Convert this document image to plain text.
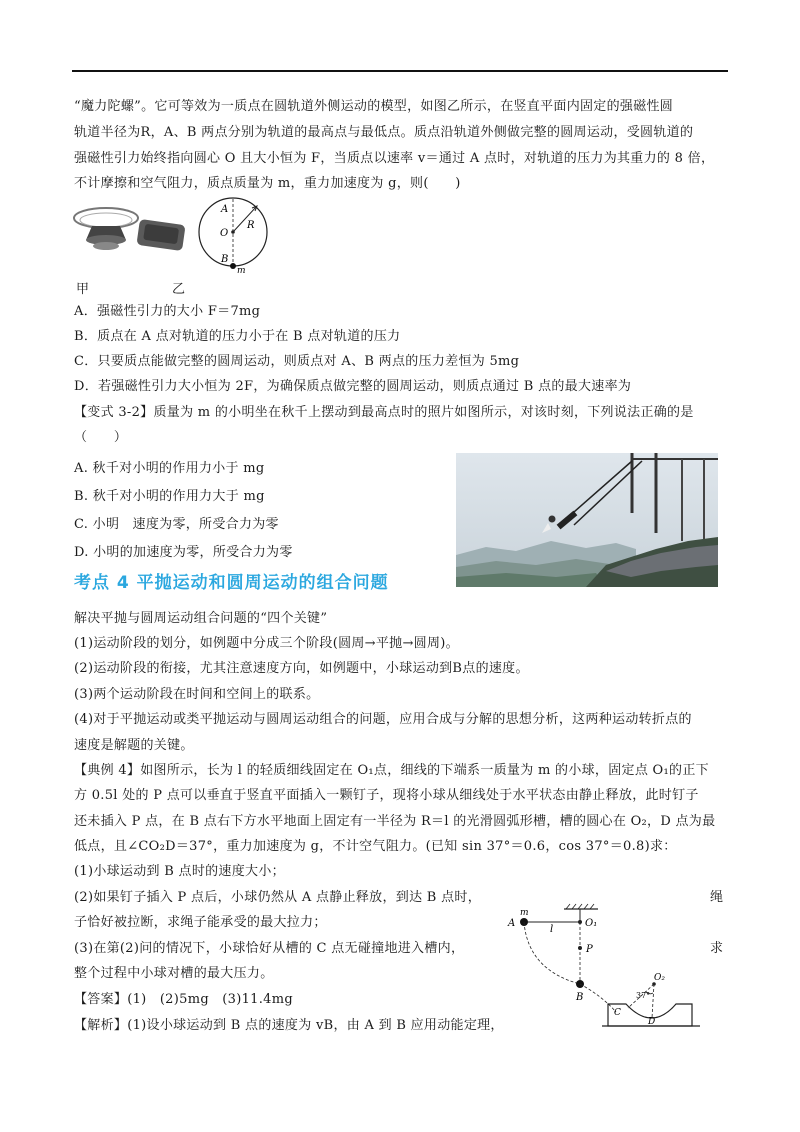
“魔力陀螺”。它可等效为一质点在圆轨道外侧运动的模型，如图乙所示，在竖直平面内固定的强磁性圆
轨道半径为R，A、B 两点分别为轨道的最高点与最低点。质点沿轨道外侧做完整的圆周运动，受圆轨道的
强磁性引力始终指向圆心 O 且大小恒为 F，当质点以速率 v＝通过 A 点时，对轨道的压力为其重力的 8 倍，
不计摩擦和空气阻力，质点质量为 m，重力加速度为 g，则(　　)
A
O
R
B
m
甲	乙
A．强磁性引力的大小 F＝7mg
B．质点在 A 点对轨道的压力小于在 B 点对轨道的压力
C．只要质点能做完整的圆周运动，则质点对 A、B 两点的压力差恒为 5mg
D．若强磁性引力大小恒为 2F，为确保质点做完整的圆周运动，则质点通过 B 点的最大速率为
【变式 3-2】质量为 m 的小明坐在秋千上摆动到最高点时的照片如图所示，对该时刻，下列说法正确的是
（　　）
A. 秋千对小明的作用力小于 mg
B. 秋千对小明的作用力大于 mg
C. 小明　速度为零，所受合力为零
D. 小明的加速度为零，所受合力为零
考点 4 平抛运动和圆周运动的组合问题
解决平抛与圆周运动组合问题的“四个关键”
(1)运动阶段的划分，如例题中分成三个阶段(圆周→平抛→圆周)。
(2)运动阶段的衔接，尤其注意速度方向，如例题中，小球运动到B点的速度。
(3)两个运动阶段在时间和空间上的联系。
(4)对于平抛运动或类平抛运动与圆周运动组合的问题，应用合成与分解的思想分析，这两种运动转折点的
速度是解题的关键。
【典例 4】如图所示，长为 l 的轻质细线固定在 O₁点，细线的下端系一质量为 m 的小球，固定点 O₁的正下
方 0.5l 处的 P 点可以垂直于竖直平面插入一颗钉子，现将小球从细线处于水平状态由静止释放，此时钉子
还未插入 P 点，在 B 点右下方水平地面上固定有一半径为 R＝l 的光滑圆弧形槽，槽的圆心在 O₂，D 点为最
低点，且∠CO₂D＝37°，重力加速度为 g，不计空气阻力。(已知 sin 37°＝0.6，cos 37°＝0.8)求：
(1)小球运动到 B 点时的速度大小；
(2)如果钉子插入 P 点后，小球仍然从 A 点静止释放，到达 B 点时，	绳
子恰好被拉断，求绳子能承受的最大拉力；
(3)在第(2)问的情况下，小球恰好从槽的 C 点无碰撞地进入槽内，	求
整个过程中小球对槽的最大压力。
【答案】(1)　(2)5mg　(3)11.4mg
【解析】(1)设小球运动到 B 点的速度为 vB，由 A 到 B 应用动能定理，
m
A
l
O₁
P
B
O₂
37°
C
D
